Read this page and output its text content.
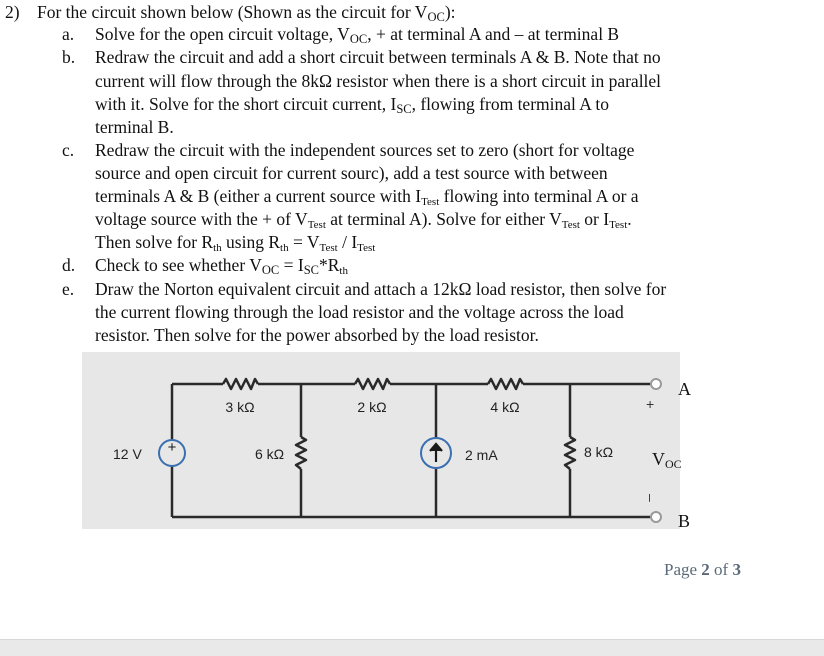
2) For the circuit shown below (Shown as the circuit for $V_{OC}$):
a. Solve for the open circuit voltage, $V_{OC}$, + at terminal A and – at terminal B
b. Redraw the circuit and add a short circuit between terminals A & B. Note that no
current will flow through the 8kΩ resistor when there is a short circuit in parallel
with it. Solve for the short circuit current, $I_{SC}$, flowing from terminal A to
terminal B.
c. Redraw the circuit with the independent sources set to zero (short for voltage
source and open circuit for current sourc), add a test source with between
terminals A & B (either a current source with $I_{Test}$ flowing into terminal A or a
voltage source with the + of $V_{Test}$ at terminal A). Solve for either $V_{Test}$ or $I_{Test}$.
Then solve for $R_{th}$ using $R_{th} = V_{Test} / I_{Test}$
d. Check to see whether $V_{OC} = I_{SC}*R_{th}$
e. Draw the Norton equivalent circuit and attach a 12kΩ load resistor, then solve for
the current flowing through the load resistor and the voltage across the load
resistor. Then solve for the power absorbed by the load resistor.
+
3 kΩ	2 kΩ	4 kΩ
12 V	6 kΩ	2 mA	8 kΩ
A
+
–
B
VOC
Page 2 of 3
